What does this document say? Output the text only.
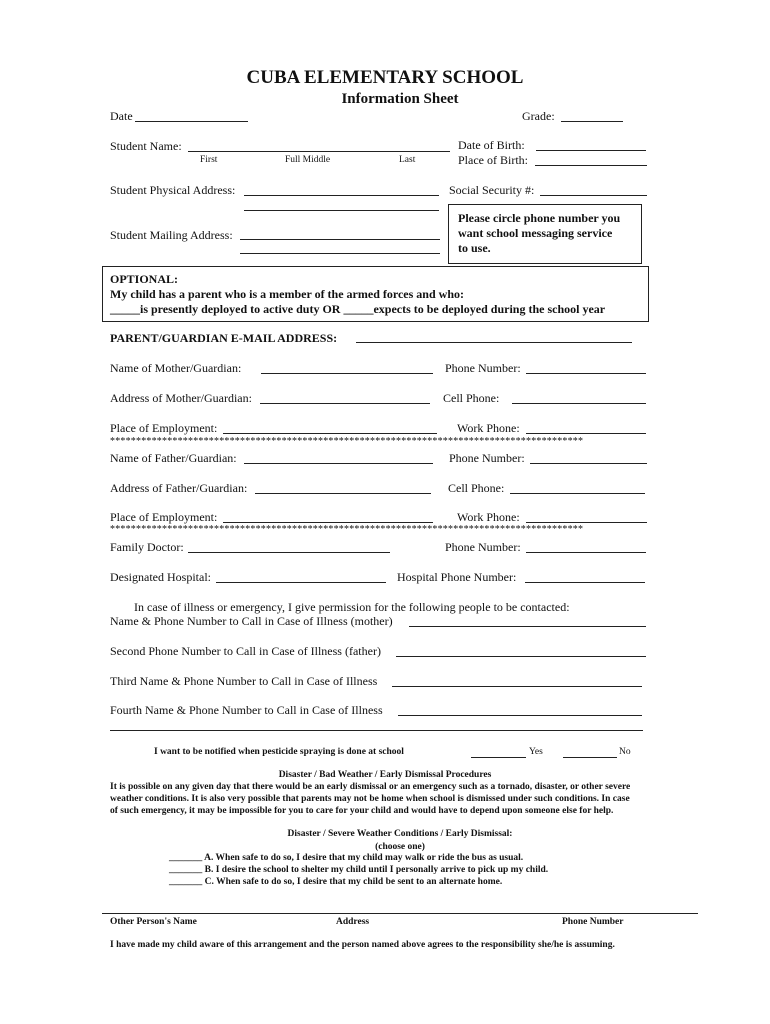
CUBA ELEMENTARY SCHOOL
Information Sheet
Date	Grade:
Student Name:
First	Full Middle	Last
Date of Birth:
Place of Birth:
Student Physical Address:	Social Security #:
Please circle phone number you
want school messaging service
to use.
Student Mailing Address:
OPTIONAL:
My child has a parent who is a member of the armed forces and who:
_____is presently deployed to active duty OR _____expects to be deployed during the school year
PARENT/GUARDIAN E-MAIL ADDRESS:
Name of Mother/Guardian:	Phone Number:
Address of Mother/Guardian:	Cell Phone:
Place of Employment:	Work Phone:
*******************************************************************************************
Name of Father/Guardian:	Phone Number:
Address of Father/Guardian:	Cell Phone:
Place of Employment:	Work Phone:
*******************************************************************************************
Family Doctor:	Phone Number:
Designated Hospital:	Hospital Phone Number:
In case of illness or emergency, I give permission for the following people to be contacted:
Name & Phone Number to Call in Case of Illness (mother)
Second Phone Number to Call in Case of Illness (father)
Third Name & Phone Number to Call in Case of Illness
Fourth Name & Phone Number to Call in Case of Illness
I want to be notified when pesticide spraying is done at school	Yes	No
Disaster / Bad Weather / Early Dismissal Procedures
It is possible on any given day that there would be an early dismissal or an emergency such as a tornado, disaster, or other severe
weather conditions. It is also very possible that parents may not be home when school is dismissed under such conditions. In case
of such emergency, it may be impossible for you to care for your child and would have to depend upon someone else for help.
Disaster / Severe Weather Conditions / Early Dismissal:
(choose one)
_______ A. When safe to do so, I desire that my child may walk or ride the bus as usual.
_______ B. I desire the school to shelter my child until I personally arrive to pick up my child.
_______ C. When safe to do so, I desire that my child be sent to an alternate home.
Other Person's Name	Address	Phone Number
I have made my child aware of this arrangement and the person named above agrees to the responsibility she/he is assuming.
